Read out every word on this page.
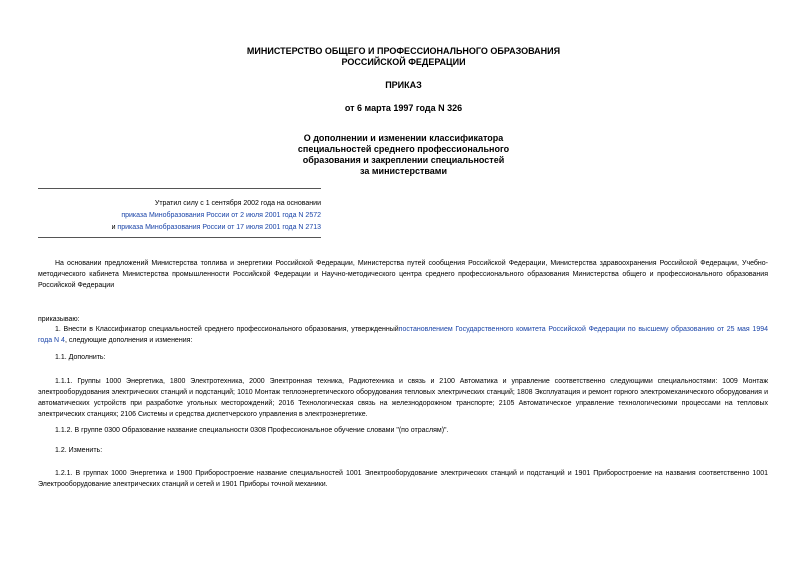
МИНИСТЕРСТВО ОБЩЕГО И ПРОФЕССИОНАЛЬНОГО ОБРАЗОВАНИЯ
РОССИЙСКОЙ ФЕДЕРАЦИИ
ПРИКАЗ
от 6 марта 1997 года N 326
О дополнении и изменении классификатора
специальностей среднего профессионального
образования и закреплении специальностей
за министерствами
Утратил силу с 1 сентября 2002 года на основании
приказа Минобразования России от 2 июля 2001 года N 2572
и приказа Минобразования России от 17 июля 2001 года N 2713
На основании предложений Министерства топлива и энергетики Российской Федерации, Министерства путей сообщения Российской Федерации, Министерства здравоохранения Российской Федерации, Учебно-методического кабинета Министерства промышленности Российской Федерации и Научно-методического центра среднего профессионального образования Министерства общего и профессионального образования Российской Федерации
приказываю:
1. Внести в Классификатор специальностей среднего профессионального образования, утвержденныйпостановлением Государственного комитета Российской Федерации по высшему образованию от 25 мая 1994 года N 4, следующие дополнения и изменения:
1.1. Дополнить:
1.1.1. Группы 1000 Энергетика, 1800 Электротехника, 2000 Электронная техника, Радиотехника и связь и 2100 Автоматика и управление соответственно следующими специальностями: 1009 Монтаж электрооборудования электрических станций и подстанций; 1010 Монтаж теплоэнергетического оборудования тепловых электрических станций; 1808 Эксплуатация и ремонт горного электромеханического оборудования и автоматических устройств при разработке угольных месторождений; 2016 Технологическая связь на железнодорожном транспорте; 2105 Автоматическое управление технологическими процессами на тепловых электрических станциях; 2106 Системы и средства диспетчерского управления в электроэнергетике.
1.1.2. В группе 0300 Образование название специальности 0308 Профессиональное обучение словами "(по отраслям)".
1.2. Изменить:
1.2.1. В группах 1000 Энергетика и 1900 Приборостроение название специальностей 1001 Электрооборудование электрических станций и подстанций и 1901 Приборостроение на названия соответственно 1001 Электрооборудование электрических станций и сетей и 1901 Приборы точной механики.
